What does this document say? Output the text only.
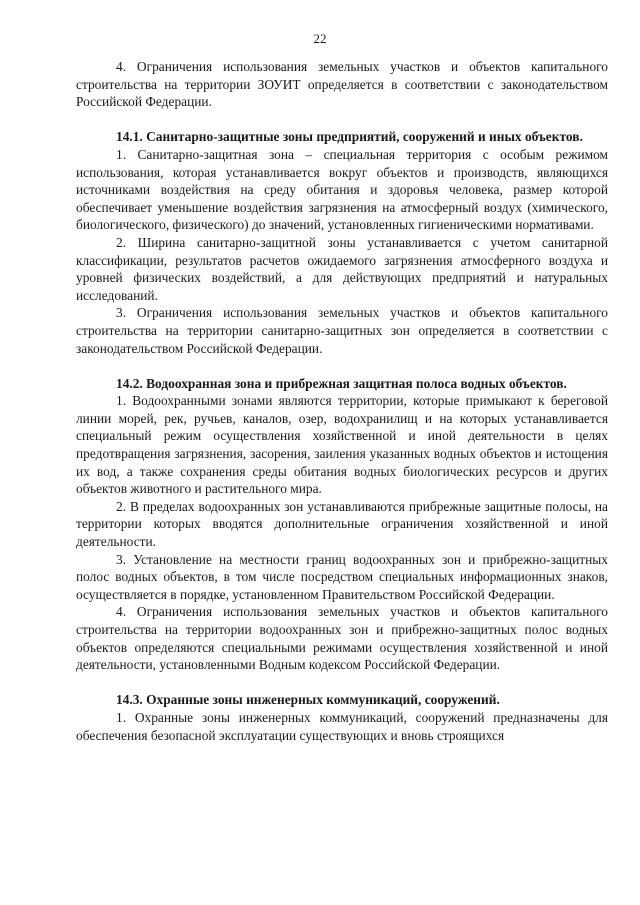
22

4. Ограничения использования земельных участков и объектов капитального строительства на территории ЗОУИТ определяется в соответствии с законодательством Российской Федерации.

14.1. Санитарно-защитные зоны предприятий, сооружений и иных объектов.

1. Санитарно-защитная зона – специальная территория с особым режимом использования, которая устанавливается вокруг объектов и производств, являющихся источниками воздействия на среду обитания и здоровья человека, размер которой обеспечивает уменьшение воздействия загрязнения на атмосферный воздух (химического, биологического, физического) до значений, установленных гигиеническими нормативами.

2. Ширина санитарно-защитной зоны устанавливается с учетом санитарной классификации, результатов расчетов ожидаемого загрязнения атмосферного воздуха и уровней физических воздействий, а для действующих предприятий и натуральных исследований.

3. Ограничения использования земельных участков и объектов капитального строительства на территории санитарно-защитных зон определяется в соответствии с законодательством Российской Федерации.

14.2. Водоохранная зона и прибрежная защитная полоса водных объектов.

1. Водоохранными зонами являются территории, которые примыкают к береговой линии морей, рек, ручьев, каналов, озер, водохранилищ и на которых устанавливается специальный режим осуществления хозяйственной и иной деятельности в целях предотвращения загрязнения, засорения, заиления указанных водных объектов и истощения их вод, а также сохранения среды обитания водных биологических ресурсов и других объектов животного и растительного мира.

2. В пределах водоохранных зон устанавливаются прибрежные защитные полосы, на территории которых вводятся дополнительные ограничения хозяйственной и иной деятельности.

3. Установление на местности границ водоохранных зон и прибрежно-защитных полос водных объектов, в том числе посредством специальных информационных знаков, осуществляется в порядке, установленном Правительством Российской Федерации.

4. Ограничения использования земельных участков и объектов капитального строительства на территории водоохранных зон и прибрежно-защитных полос водных объектов определяются специальными режимами осуществления хозяйственной и иной деятельности, установленными Водным кодексом Российской Федерации.

14.3. Охранные зоны инженерных коммуникаций, сооружений.

1. Охранные зоны инженерных коммуникаций, сооружений предназначены для обеспечения безопасной эксплуатации существующих и вновь строящихся
